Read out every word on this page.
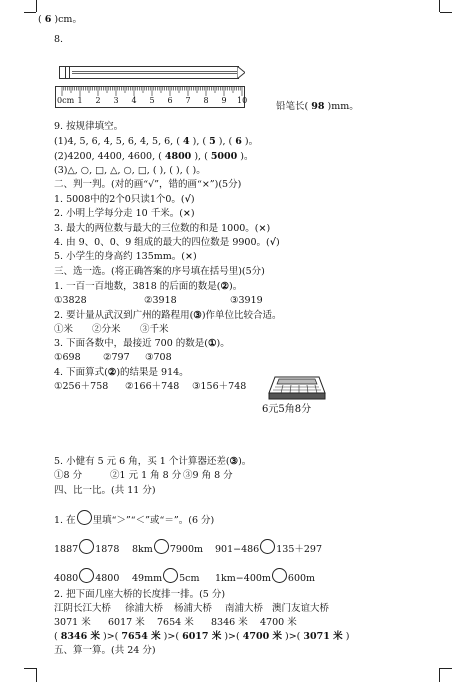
( 6 )cm。
8.
0cm 1 2 3 4 5 6 7 8 9 10
铅笔长( 98 )mm。
9. 按规律填空。
(1)4, 5, 6, 4, 5, 6, 4, 5, 6, ( 4 ), ( 5 ), ( 6 )。
(2)4200, 4400, 4600, ( 4800 ), ( 5000 )。
(3)△, ○, □, △, ○, □, ( ), ( ), ( )。
二、判一判。(对的画“√”，错的画“×”)(5分)
1. 5008中的2个0只读1个0。(√)
2. 小明上学每分走 10 千米。(×)
3. 最大的两位数与最大的三位数的和是 1000。(×)
4. 由 9、0、0、9 组成的最大的四位数是 9900。(√)
5. 小学生的身高约 135mm。(×)
三、选一选。(将正确答案的序号填在括号里)(5分)
1. 一百一百地数，3818 的后面的数是(②)。
①3828	②3918	③3919
2. 要计量从武汉到广州的路程用(③)作单位比较合适。
①米 ②分米 ③千米
3. 下面各数中，最接近 700 的数是(①)。
①698 ②797 ③708
4. 下面算式(②)的结果是 914。
①256＋758 ②166＋748 ③156＋748
6元5角8分
5. 小健有 5 元 6 角，买 1 个计算器还差(③)。
①8 分	②1 元 1 角 8 分 ③9 角 8 分
四、比一比。(共 11 分)
1. 在 里填“＞”“＜”或“＝”。(6 分)
1887 1878 8km 7900m 901−486 135＋297
4080 4800 49mm 5cm 1km−400m 600m
2. 把下面几座大桥的长度排一排。(5 分)
江阴长江大桥 徐浦大桥 杨浦大桥 南浦大桥 澳门友谊大桥
3071 米 6017 米 7654 米 8346 米 4700 米
( 8346 米 )>( 7654 米 )>( 6017 米 )>( 4700 米 )>( 3071 米 )
五、算一算。(共 24 分)
